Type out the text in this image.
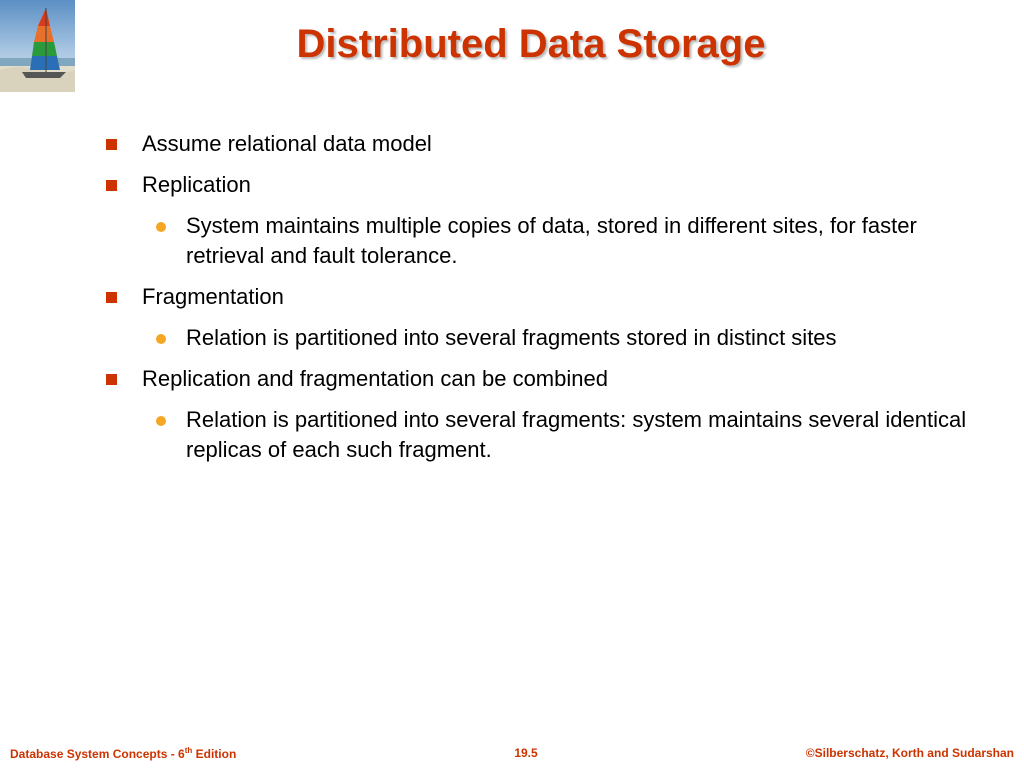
Distributed Data Storage
Assume relational data model
Replication
System maintains multiple copies of data, stored in different sites, for faster retrieval and fault tolerance.
Fragmentation
Relation is partitioned into several fragments stored in distinct sites
Replication and fragmentation can be combined
Relation is partitioned into several fragments: system maintains several identical replicas of each such fragment.
Database System Concepts - 6th Edition	19.5	©Silberschatz, Korth and Sudarshan
